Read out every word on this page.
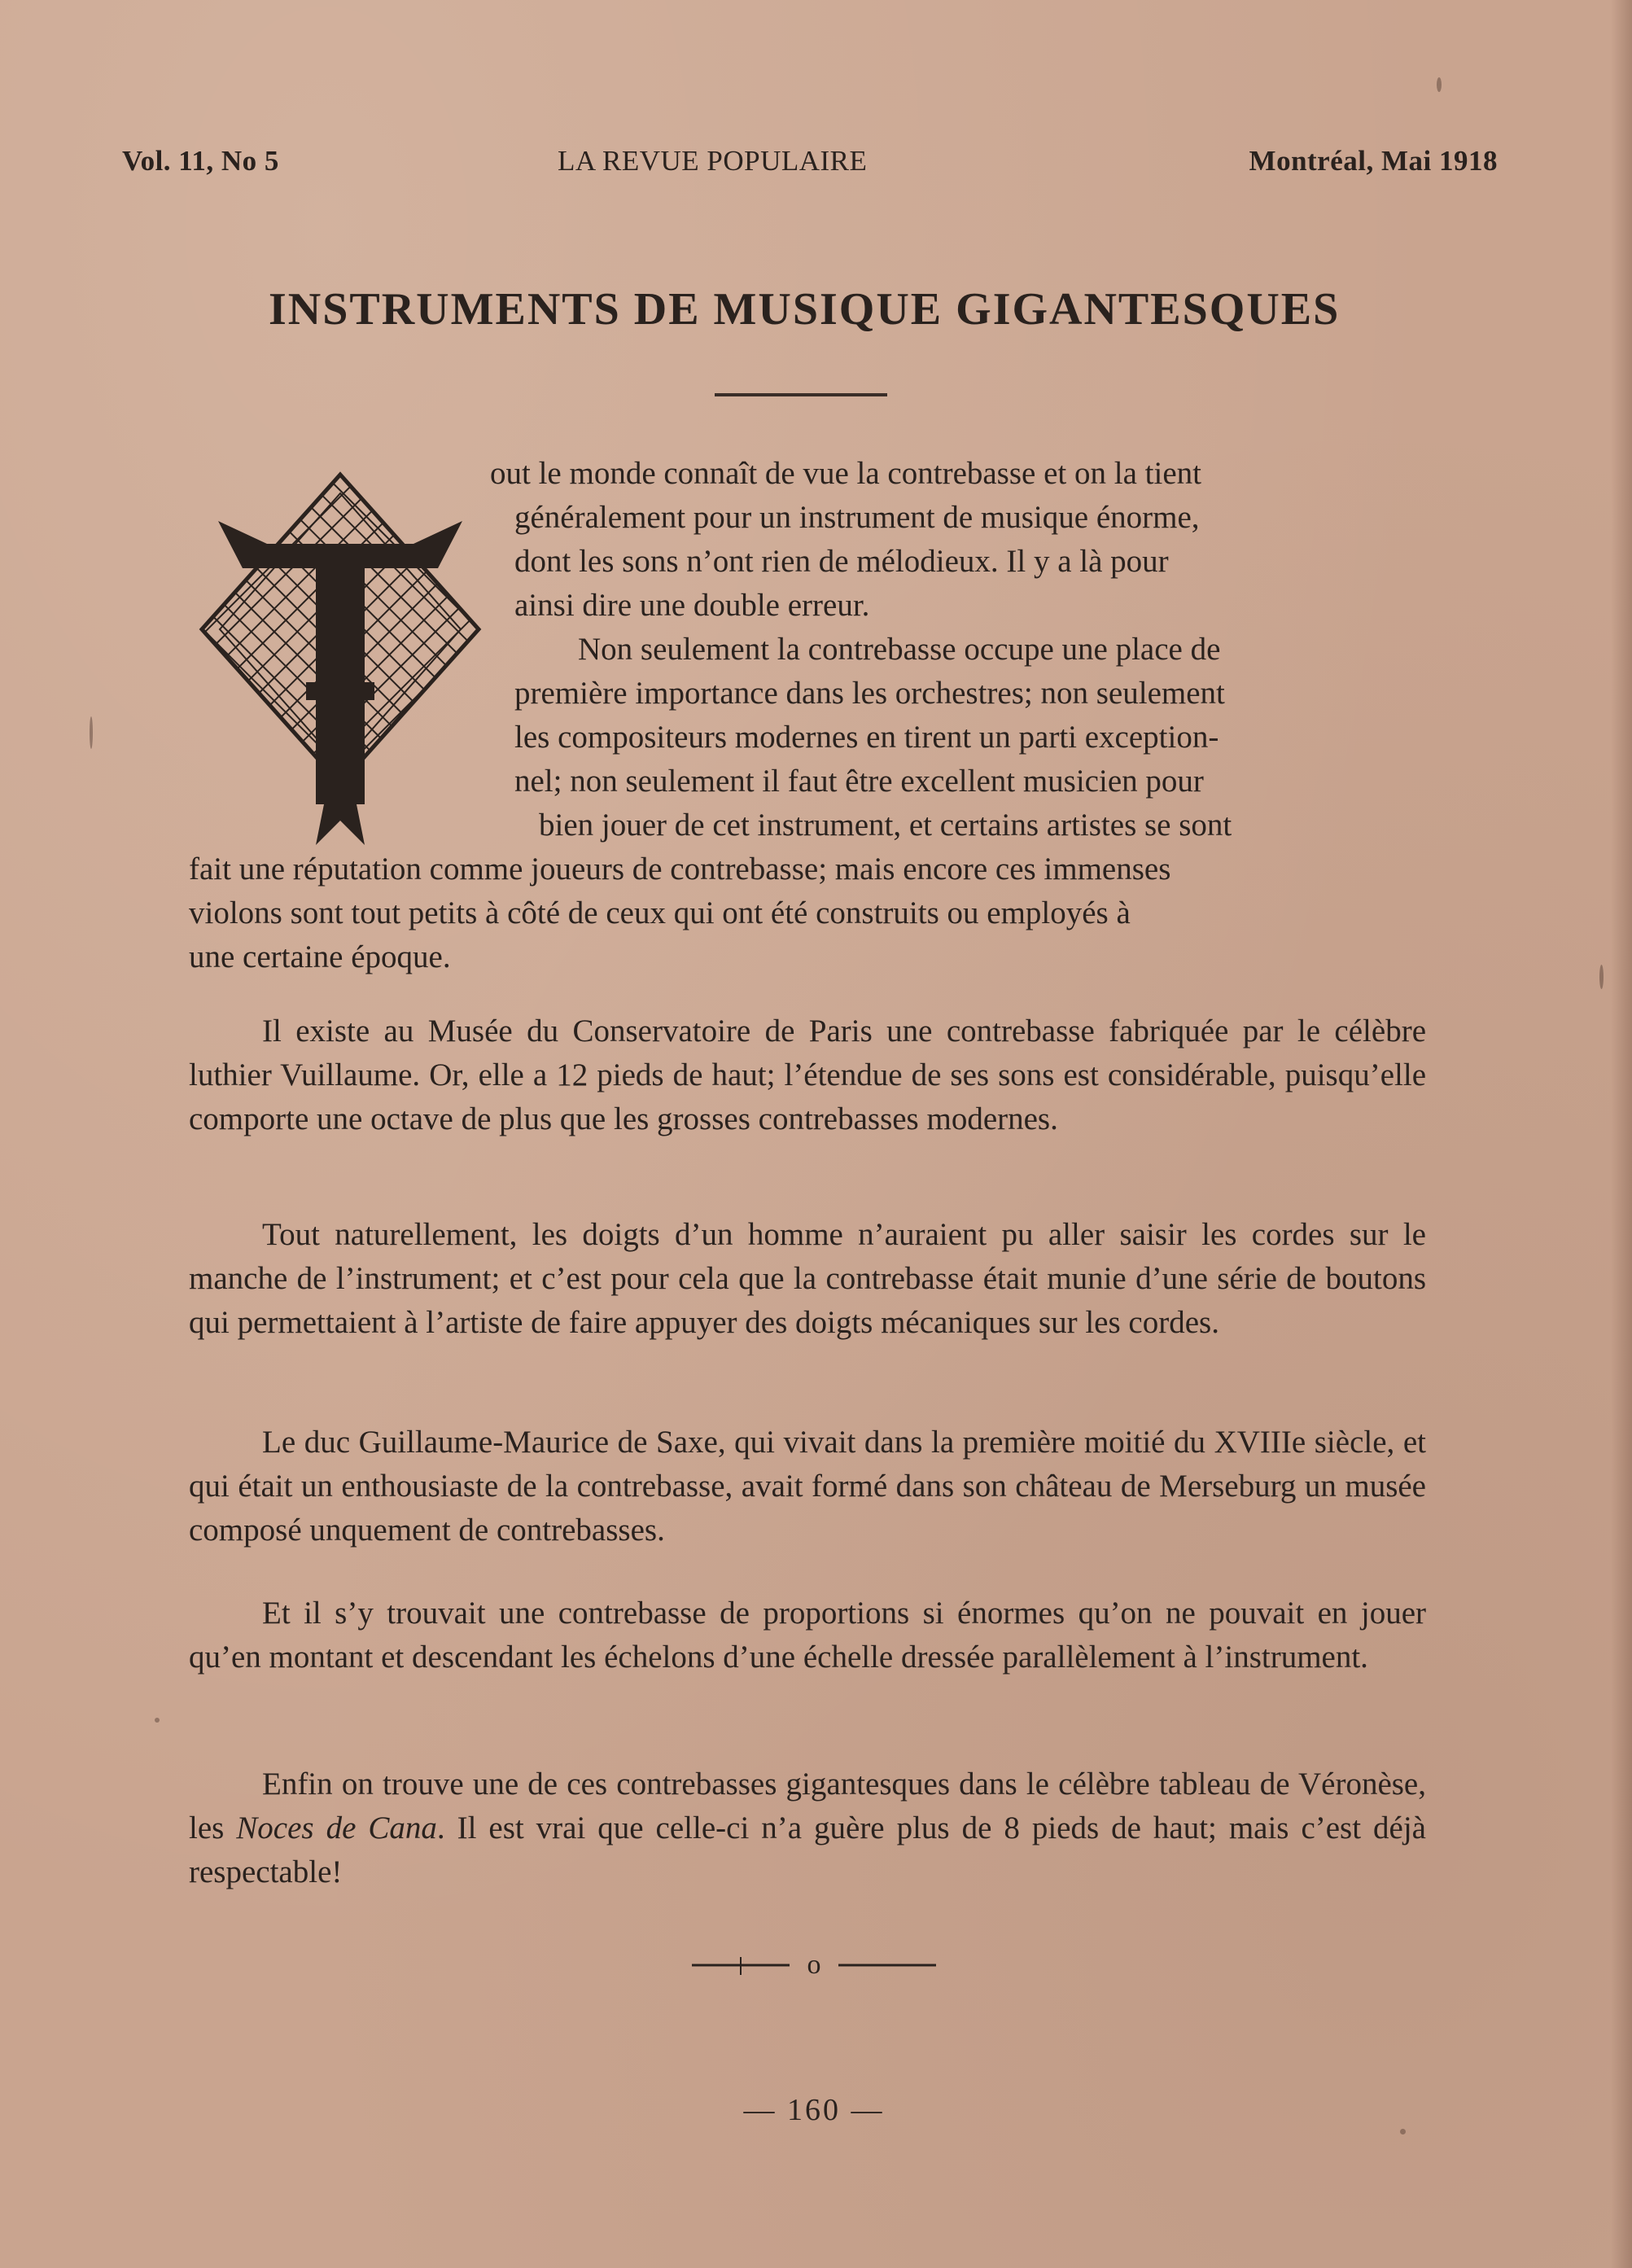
Vol. 11, No 5	LA REVUE POPULAIRE	Montréal, Mai 1918
INSTRUMENTS DE MUSIQUE GIGANTESQUES
out le monde connaît de vue la contrebasse et on la tient
généralement pour un instrument de musique énorme,
dont les sons n’ont rien de mélodieux. Il y a là pour
ainsi dire une double erreur.
Non seulement la contrebasse occupe une place de
première importance dans les orchestres; non seulement
les compositeurs modernes en tirent un parti exception-
nel; non seulement il faut être excellent musicien pour
bien jouer de cet instrument, et certains artistes se sont
fait une réputation comme joueurs de contrebasse; mais encore ces immenses
violons sont tout petits à côté de ceux qui ont été construits ou employés à
une certaine époque.

Il existe au Musée du Conservatoire de Paris une contrebasse fabriquée par le célèbre luthier Vuillaume. Or, elle a 12 pieds de haut; l’étendue de ses sons est considérable, puisqu’elle comporte une octave de plus que les grosses contrebasses modernes.

Tout naturellement, les doigts d’un homme n’auraient pu aller saisir les cordes sur le manche de l’instrument; et c’est pour cela que la contrebasse était munie d’une série de boutons qui permettaient à l’artiste de faire appuyer des doigts mécaniques sur les cordes.

Le duc Guillaume-Maurice de Saxe, qui vivait dans la première moitié du XVIIIe siècle, et qui était un enthousiaste de la contrebasse, avait formé dans son château de Merseburg un musée composé unquement de contrebasses.

Et il s’y trouvait une contrebasse de proportions si énormes qu’on ne pouvait en jouer qu’en montant et descendant les échelons d’une échelle dressée parallèlement à l’instrument.

Enfin on trouve une de ces contrebasses gigantesques dans le célèbre tableau de Véronèse, les Noces de Cana. Il est vrai que celle-ci n’a guère plus de 8 pieds de haut; mais c’est déjà respectable!

o
— 160 —
